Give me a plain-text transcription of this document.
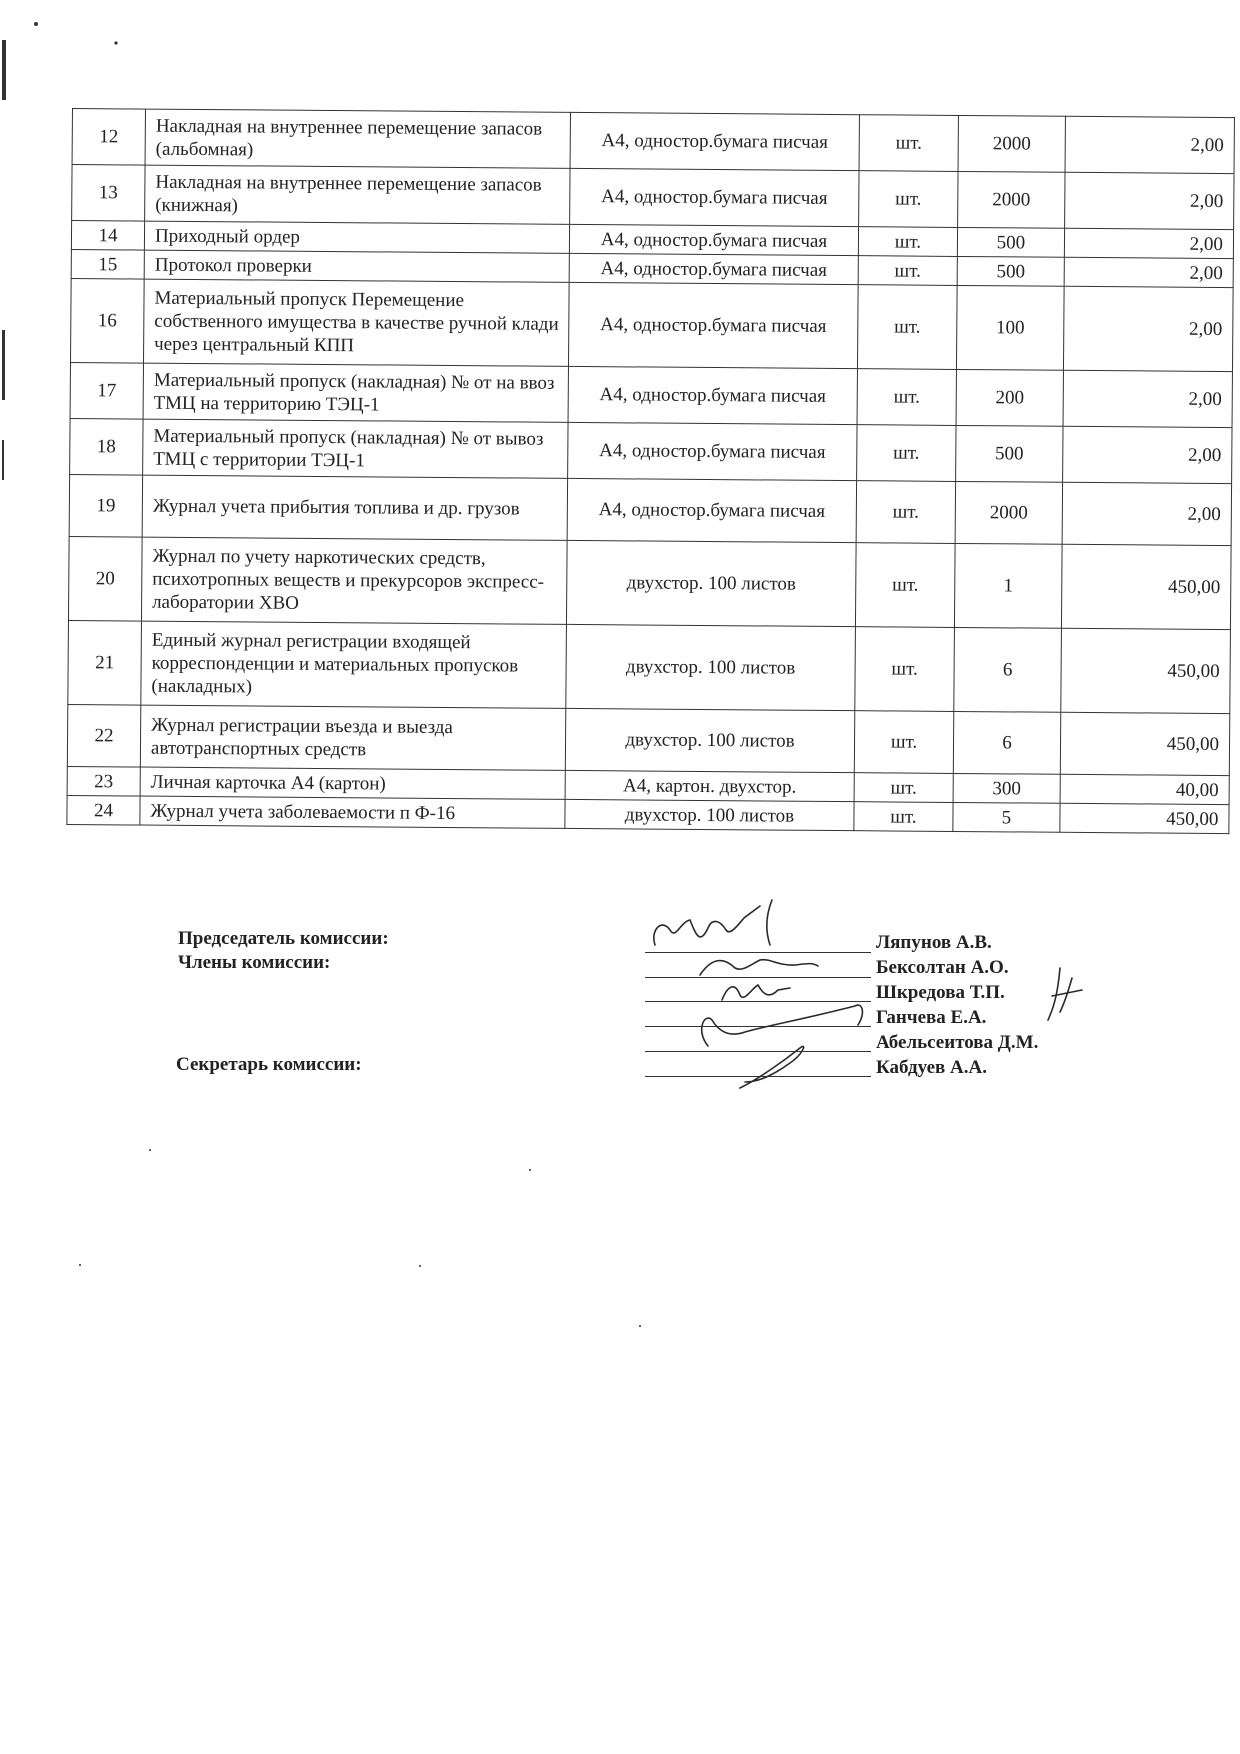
12	Накладная на внутреннее перемещение запасов (альбомная)	А4, одностор.бумага писчая	шт.	2000	2,00
13	Накладная на внутреннее перемещение запасов (книжная)	А4, одностор.бумага писчая	шт.	2000	2,00
14	Приходный ордер	А4, одностор.бумага писчая	шт.	500	2,00
15	Протокол проверки	А4, одностор.бумага писчая	шт.	500	2,00
16	Материальный пропуск Перемещение собственного имущества в качестве ручной клади через центральный КПП	А4, одностор.бумага писчая	шт.	100	2,00
17	Материальный пропуск (накладная) № от на ввоз ТМЦ на территорию ТЭЦ-1	А4, одностор.бумага писчая	шт.	200	2,00
18	Материальный пропуск (накладная) № от вывоз ТМЦ с территории ТЭЦ-1	А4, одностор.бумага писчая	шт.	500	2,00
19	Журнал учета прибытия топлива и др. грузов	А4, одностор.бумага писчая	шт.	2000	2,00
20	Журнал по учету наркотических средств, психотропных веществ и прекурсоров экспресс-лаборатории ХВО	двухстор. 100 листов	шт.	1	450,00
21	Единый журнал регистрации входящей корреспонденции и материальных пропусков (накладных)	двухстор. 100 листов	шт.	6	450,00
22	Журнал регистрации въезда и выезда автотранспортных средств	двухстор. 100 листов	шт.	6	450,00
23	Личная карточка А4 (картон)	А4, картон. двухстор.	шт.	300	40,00
24	Журнал учета заболеваемости п Ф-16	двухстор. 100 листов	шт.	5	450,00
Председатель комиссии:
Члены комиссии:
Секретарь комиссии:
Ляпунов А.В.
Бексолтан А.О.
Шкредова Т.П.
Ганчева Е.А.
Абельсеитова Д.М.
Кабдуев А.А.
